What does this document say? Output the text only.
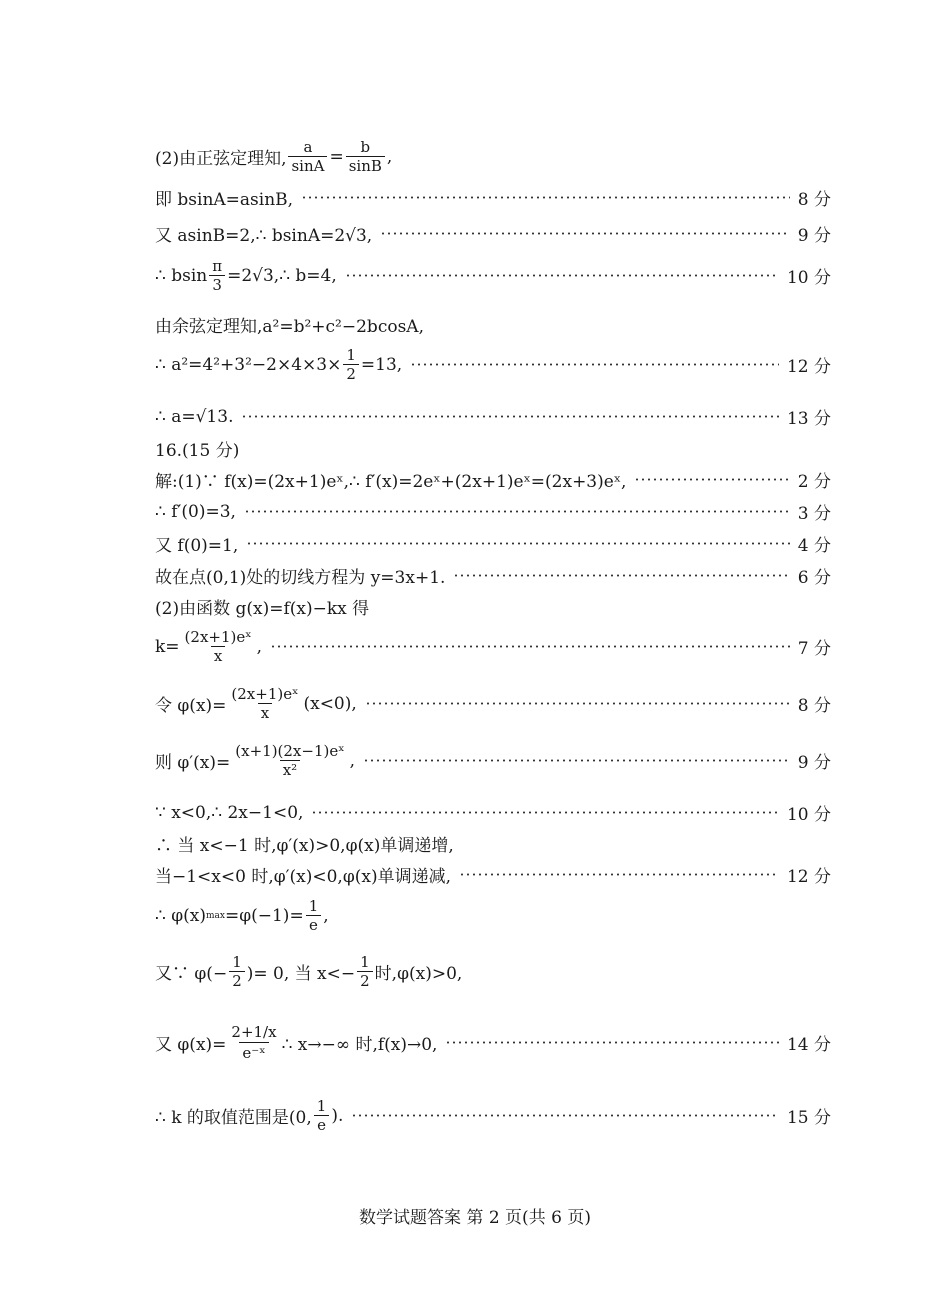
(2)由正弦定理知, $\frac{a}{\sin A} = \frac{b}{\sin B}$ ,
即 bsinA=asinB,	8 分
又 asinB=2,∴ bsinA=2√3,	9 分
∴ bsin $\frac{\pi}{3}$ =2√3,∴ b=4,	10 分
由余弦定理知,a²=b²+c²−2bcosA,
∴ $a^2=4^2+3^2-2\times 4\times 3\times \frac{1}{2} =13$,	12 分
∴ a=√13.	13 分
16.(15 分)
解:(1)∵ f(x)=(2x+1)eˣ,∴ f′(x)=2eˣ+(2x+1)eˣ=(2x+3)eˣ,	2 分
∴ f′(0)=3,	3 分
又 f(0)=1,	4 分
故在点(0,1)处的切线方程为 y=3x+1.	6 分
(2)由函数 g(x)=f(x)−kx 得
$k= \frac{\text{(2x+1)eˣ}}{x}$ ,	7 分
令 $\varphi(x)= \frac{\text{(2x+1)eˣ}}{x} (x<0)$,	8 分
则 $\varphi'(x)= \frac{\text{(x+1)(2x−1)eˣ}}{\text{x²}}$ ,	9 分
∵ x<0,∴ 2x−1<0,	10 分
∴ 当 x<−1 时,φ′(x)>0,φ(x)单调递增,
当−1<x<0 时,φ′(x)<0,φ(x)单调递减,	12 分
∴ φ(x) $\max =\varphi(-1)= \frac{1}{e}$ ,
又∵ $\varphi(- \frac{1}{2}$ )= 0, 当 $x<- \frac{1}{2}$ 时,φ(x)>0,
又 $\varphi(x)= \frac{2+1/x}{\text{e⁻ˣ}}$ ∴ x→−∞ 时,f(x)→0,	14 分
∴ k 的取值范围是(0, $\frac{1}{e}$ ).	15 分
数学试题答案 第 2 页(共 6 页)
